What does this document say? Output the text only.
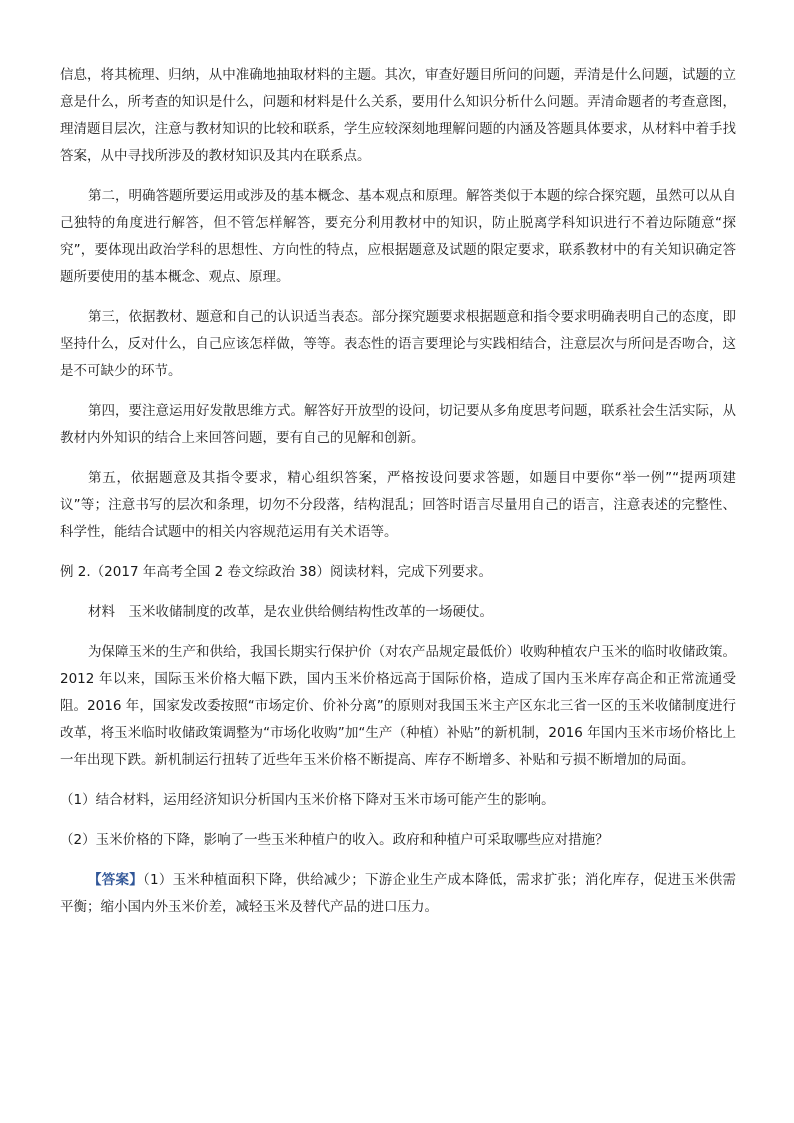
信息，将其梳理、归纳，从中准确地抽取材料的主题。其次，审查好题目所问的问题，弄清是什么问题，试题的立意是什么，所考查的知识是什么，问题和材料是什么关系，要用什么知识分析什么问题。弄清命题者的考查意图，理清题目层次，注意与教材知识的比较和联系，学生应较深刻地理解问题的内涵及答题具体要求，从材料中着手找答案，从中寻找所涉及的教材知识及其内在联系点。

第二，明确答题所要运用或涉及的基本概念、基本观点和原理。解答类似于本题的综合探究题，虽然可以从自己独特的角度进行解答，但不管怎样解答，要充分利用教材中的知识，防止脱离学科知识进行不着边际随意“探究”，要体现出政治学科的思想性、方向性的特点，应根据题意及试题的限定要求，联系教材中的有关知识确定答题所要使用的基本概念、观点、原理。

第三，依据教材、题意和自己的认识适当表态。部分探究题要求根据题意和指令要求明确表明自己的态度，即坚持什么，反对什么，自己应该怎样做，等等。表态性的语言要理论与实践相结合，注意层次与所问是否吻合，这是不可缺少的环节。

第四，要注意运用好发散思维方式。解答好开放型的设问，切记要从多角度思考问题，联系社会生活实际，从教材内外知识的结合上来回答问题，要有自己的见解和创新。

第五，依据题意及其指令要求，精心组织答案，严格按设问要求答题，如题目中要你“举一例”“提两项建议”等；注意书写的层次和条理，切勿不分段落，结构混乱；回答时语言尽量用自己的语言，注意表述的完整性、科学性，能结合试题中的相关内容规范运用有关术语等。

例 2.（2017 年高考全国 2 卷文综政治 38）阅读材料，完成下列要求。

材料　玉米收储制度的改革，是农业供给侧结构性改革的一场硬仗。

为保障玉米的生产和供给，我国长期实行保护价（对农产品规定最低价）收购种植农户玉米的临时收储政策。2012 年以来，国际玉米价格大幅下跌，国内玉米价格远高于国际价格，造成了国内玉米库存高企和正常流通受阻。2016 年，国家发改委按照“市场定价、价补分离”的原则对我国玉米主产区东北三省一区的玉米收储制度进行改革，将玉米临时收储政策调整为“市场化收购”加“生产（种植）补贴”的新机制，2016 年国内玉米市场价格比上一年出现下跌。新机制运行扭转了近些年玉米价格不断提高、库存不断增多、补贴和亏损不断增加的局面。

（1）结合材料，运用经济知识分析国内玉米价格下降对玉米市场可能产生的影响。

（2）玉米价格的下降，影响了一些玉米种植户的收入。政府和种植户可采取哪些应对措施？

【答案】（1）玉米种植面积下降，供给减少；下游企业生产成本降低，需求扩张；消化库存，促进玉米供需平衡；缩小国内外玉米价差，减轻玉米及替代产品的进口压力。
